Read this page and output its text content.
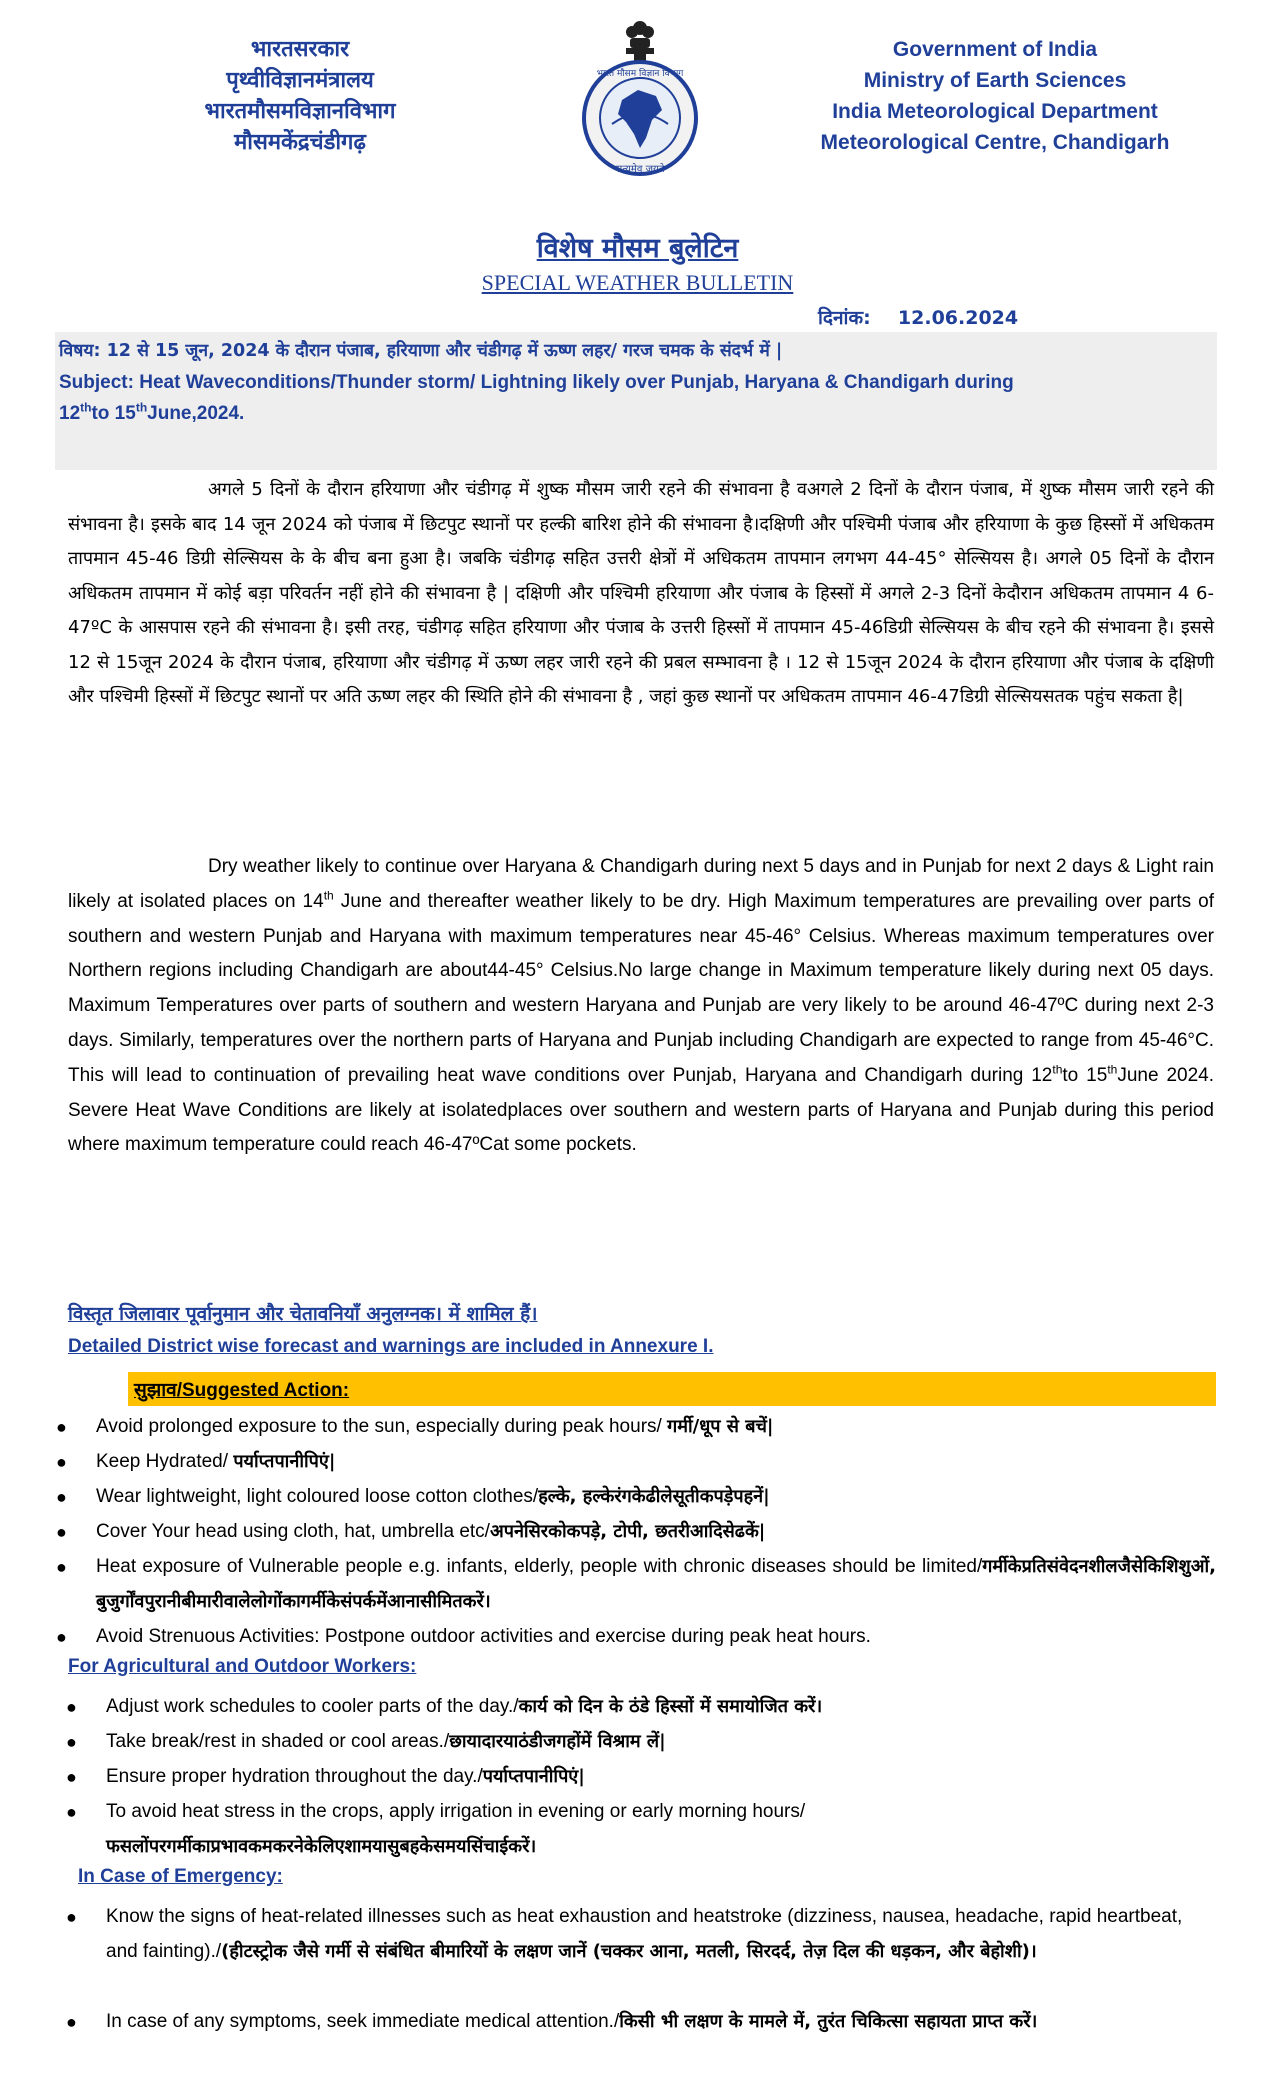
भारतसरकार
पृथ्वीविज्ञानमंत्रालय
भारतमौसमविज्ञानविभाग
मौसमकेंद्रचंडीगढ़
भारत मौसम विज्ञान विभाग
सत्यमेव जयते
Government of India
Ministry of Earth Sciences
India Meteorological Department
Meteorological Centre, Chandigarh
विशेष मौसम बुलेटिन
SPECIAL WEATHER BULLETIN
दिनांक: 12.06.2024
विषय: 12 से 15 जून, 2024 के दौरान पंजाब, हरियाणा और चंडीगढ़ में ऊष्ण लहर/ गरज चमक के संदर्भ में |
Subject: Heat Waveconditions/Thunder storm/ Lightning likely over Punjab, Haryana & Chandigarh during
12thto 15thJune,2024.
अगले 5 दिनों के दौरान हरियाणा और चंडीगढ़ में शुष्क मौसम जारी रहने की संभावना है वअगले 2 दिनों के दौरान पंजाब, में शुष्क मौसम जारी रहने की संभावना है। इसके बाद 14 जून 2024 को पंजाब में छिटपुट स्थानों पर हल्की बारिश होने की संभावना है।दक्षिणी और पश्चिमी पंजाब और हरियाणा के कुछ हिस्सों में अधिकतम तापमान 45-46 डिग्री सेल्सियस के के बीच बना हुआ है। जबकि चंडीगढ़ सहित उत्तरी क्षेत्रों में अधिकतम तापमान लगभग 44-45° सेल्सियस है। अगले 05 दिनों के दौरान अधिकतम तापमान में कोई बड़ा परिवर्तन नहीं होने की संभावना है | दक्षिणी और पश्चिमी हरियाणा और पंजाब के हिस्सों में अगले 2-3 दिनों केदौरान अधिकतम तापमान 4 6-47ºC के आसपास रहने की संभावना है। इसी तरह, चंडीगढ़ सहित हरियाणा और पंजाब के उत्तरी हिस्सों में तापमान 45-46डिग्री सेल्सियस के बीच रहने की संभावना है। इससे 12 से 15जून 2024 के दौरान पंजाब, हरियाणा और चंडीगढ़ में ऊष्ण लहर जारी रहने की प्रबल सम्भावना है । 12 से 15जून 2024 के दौरान हरियाणा और पंजाब के दक्षिणी और पश्चिमी हिस्सों में छिटपुट स्थानों पर अति ऊष्ण लहर की स्थिति होने की संभावना है , जहां कुछ स्थानों पर अधिकतम तापमान 46-47डिग्री सेल्सियसतक पहुंच सकता है|
Dry weather likely to continue over Haryana & Chandigarh during next 5 days and in Punjab for next 2 days & Light rain likely at isolated places on 14th June and thereafter weather likely to be dry. High Maximum temperatures are prevailing over parts of southern and western Punjab and Haryana with maximum temperatures near 45-46° Celsius. Whereas maximum temperatures over Northern regions including Chandigarh are about44-45° Celsius.No large change in Maximum temperature likely during next 05 days. Maximum Temperatures over parts of southern and western Haryana and Punjab are very likely to be around 46-47ºC during next 2-3 days. Similarly, temperatures over the northern parts of Haryana and Punjab including Chandigarh are expected to range from 45-46°C. This will lead to continuation of prevailing heat wave conditions over Punjab, Haryana and Chandigarh during 12thto 15thJune 2024. Severe Heat Wave Conditions are likely at isolatedplaces over southern and western parts of Haryana and Punjab during this period where maximum temperature could reach 46-47ºCat some pockets.
विस्तृत जिलावार पूर्वानुमान और चेतावनियाँ अनुलग्नक। में शामिल हैं।
Detailed District wise forecast and warnings are included in Annexure I.
सुझाव/Suggested Action:
● Avoid prolonged exposure to the sun, especially during peak hours/ गर्मी/धूप से बचें|
● Keep Hydrated/ पर्याप्तपानीपिएं|
● Wear lightweight, light coloured loose cotton clothes/हल्के, हल्केरंगकेढीलेसूतीकपड़ेपहनें|
● Cover Your head using cloth, hat, umbrella etc/अपनेसिरकोकपड़े, टोपी, छतरीआदिसेढकें|
● Heat exposure of Vulnerable people e.g. infants, elderly, people with chronic diseases should be limited/गर्मीकेप्रतिसंवेदनशीलजैसेकिशिशुओं, बुजुर्गोंवपुरानीबीमारीवालेलोगोंकागर्मीकेसंपर्कमेंआनासीमितकरें।
● Avoid Strenuous Activities: Postpone outdoor activities and exercise during peak heat hours.
For Agricultural and Outdoor Workers:
● Adjust work schedules to cooler parts of the day./कार्य को दिन के ठंडे हिस्सों में समायोजित करें।
● Take break/rest in shaded or cool areas./छायादारयाठंडीजगहोंमें विश्राम लें|
● Ensure proper hydration throughout the day./पर्याप्तपानीपिएं|
● To avoid heat stress in the crops, apply irrigation in evening or early morning hours/फसलोंपरगर्मीकाप्रभावकमकरनेकेलिएशामयासुबहकेसमयसिंचाईकरें।
In Case of Emergency:
● Know the signs of heat-related illnesses such as heat exhaustion and heatstroke (dizziness, nausea, headache, rapid heartbeat, and fainting)./(हीटस्ट्रोक जैसे गर्मी से संबंधित बीमारियों के लक्षण जानें (चक्कर आना, मतली, सिरदर्द, तेज़ दिल की धड़कन, और बेहोशी)।
● In case of any symptoms, seek immediate medical attention./किसी भी लक्षण के मामले में, तुरंत चिकित्सा सहायता प्राप्त करें।
